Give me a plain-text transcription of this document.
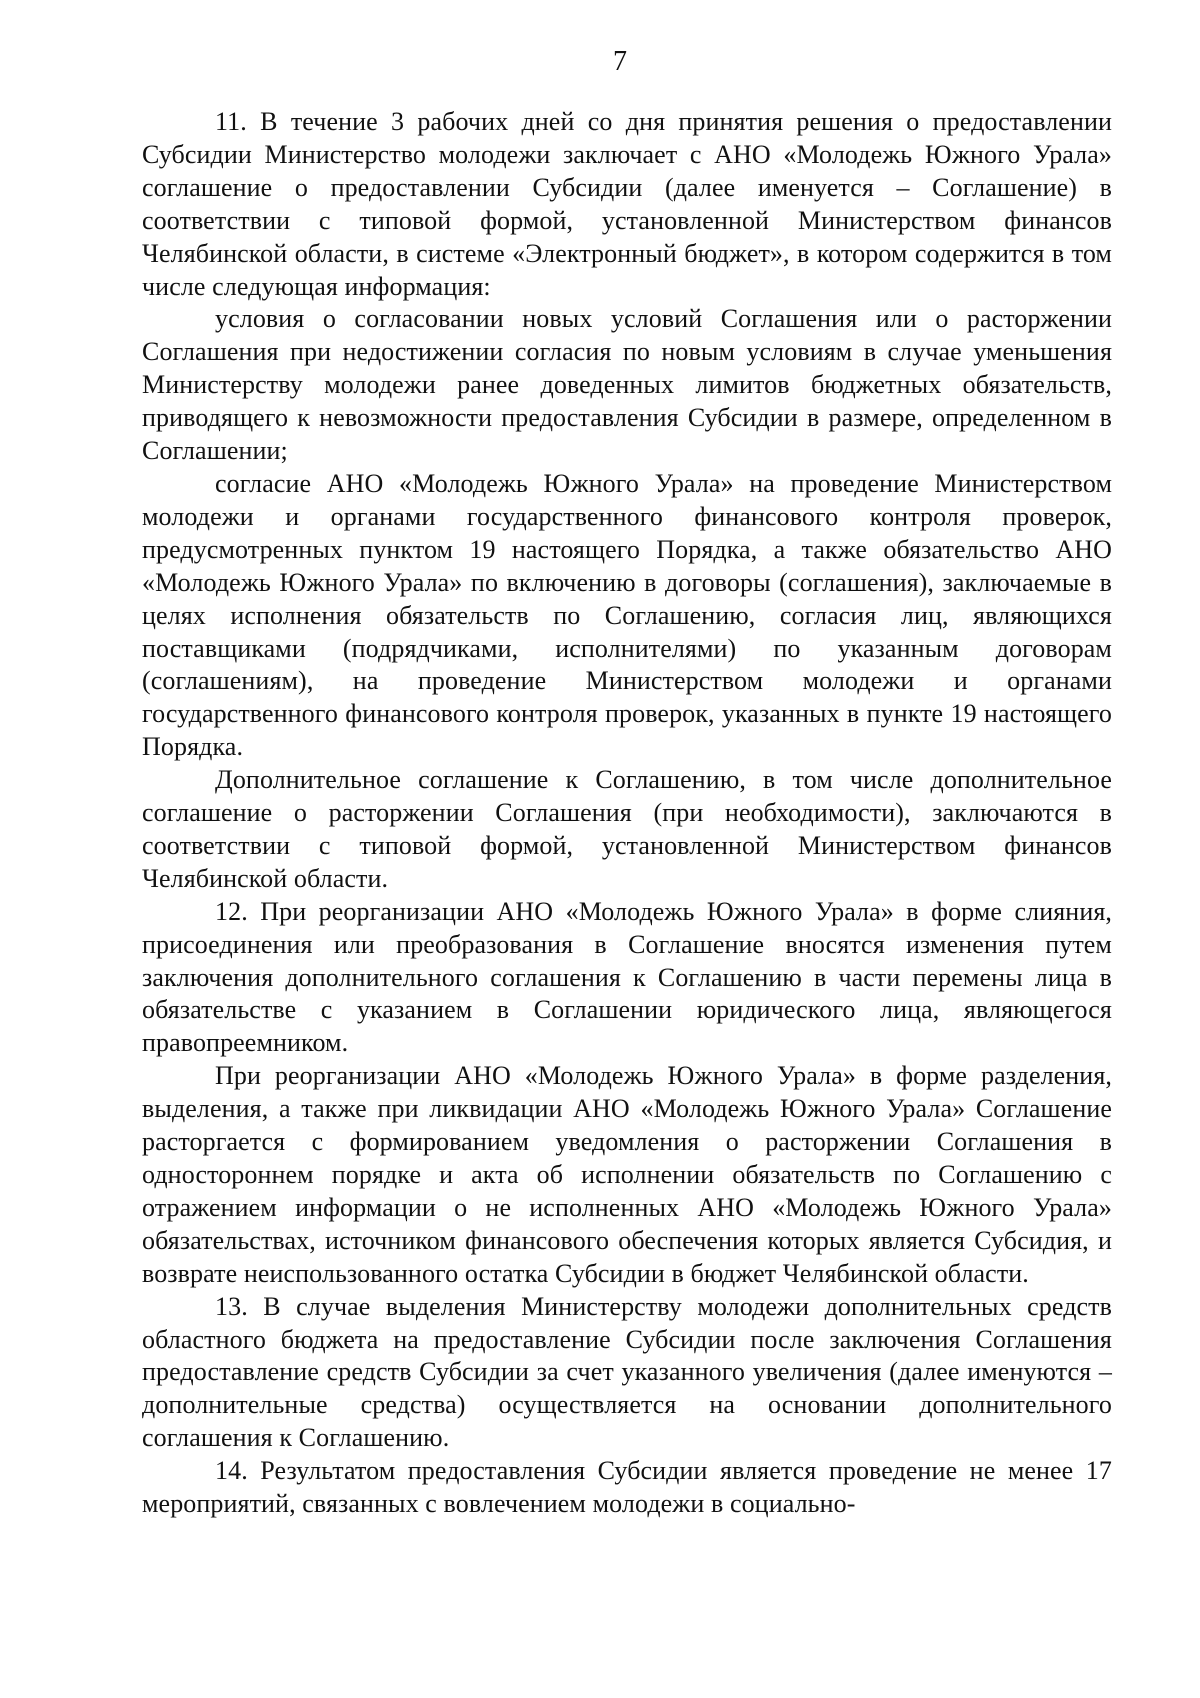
7

11. В течение 3 рабочих дней со дня принятия решения о предоставлении Субсидии Министерство молодежи заключает с АНО «Молодежь Южного Урала» соглашение о предоставлении Субсидии (далее именуется – Соглашение) в соответствии с типовой формой, установленной Министерством финансов Челябинской области, в системе «Электронный бюджет», в котором содержится в том числе следующая информация:

условия о согласовании новых условий Соглашения или о расторжении Соглашения при недостижении согласия по новым условиям в случае уменьшения Министерству молодежи ранее доведенных лимитов бюджетных обязательств, приводящего к невозможности предоставления Субсидии в размере, определенном в Соглашении;

согласие АНО «Молодежь Южного Урала» на проведение Министерством молодежи и органами государственного финансового контроля проверок, предусмотренных пунктом 19 настоящего Порядка, а также обязательство АНО «Молодежь Южного Урала» по включению в договоры (соглашения), заключаемые в целях исполнения обязательств по Соглашению, согласия лиц, являющихся поставщиками (подрядчиками, исполнителями) по указанным договорам (соглашениям), на проведение Министерством молодежи и органами государственного финансового контроля проверок, указанных в пункте 19 настоящего Порядка.

Дополнительное соглашение к Соглашению, в том числе дополнительное соглашение о расторжении Соглашения (при необходимости), заключаются в соответствии с типовой формой, установленной Министерством финансов Челябинской области.

12. При реорганизации АНО «Молодежь Южного Урала» в форме слияния, присоединения или преобразования в Соглашение вносятся изменения путем заключения дополнительного соглашения к Соглашению в части перемены лица в обязательстве с указанием в Соглашении юридического лица, являющегося правопреемником.

При реорганизации АНО «Молодежь Южного Урала» в форме разделения, выделения, а также при ликвидации АНО «Молодежь Южного Урала» Соглашение расторгается с формированием уведомления о расторжении Соглашения в одностороннем порядке и акта об исполнении обязательств по Соглашению с отражением информации о не исполненных АНО «Молодежь Южного Урала» обязательствах, источником финансового обеспечения которых является Субсидия, и возврате неиспользованного остатка Субсидии в бюджет Челябинской области.

13. В случае выделения Министерству молодежи дополнительных средств областного бюджета на предоставление Субсидии после заключения Соглашения предоставление средств Субсидии за счет указанного увеличения (далее именуются – дополнительные средства) осуществляется на основании дополнительного соглашения к Соглашению.

14. Результатом предоставления Субсидии является проведение не менее 17 мероприятий, связанных с вовлечением молодежи в социально-
